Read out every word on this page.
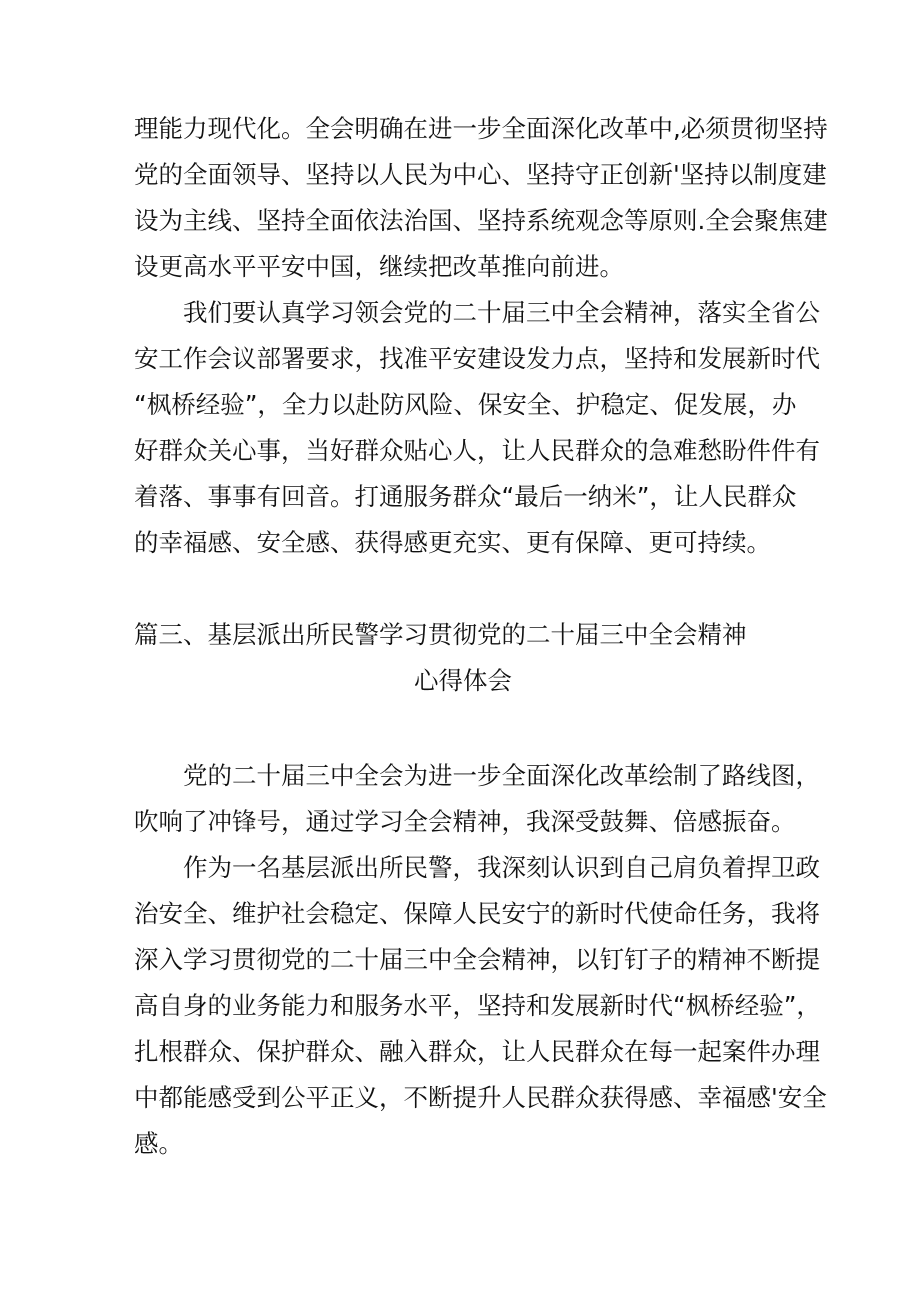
理能力现代化。全会明确在进一步全面深化改革中,必须贯彻坚持
党的全面领导、坚持以人民为中心、坚持守正创新'坚持以制度建
设为主线、坚持全面依法治国、坚持系统观念等原则.全会聚焦建
设更高水平平安中国，继续把改革推向前进。
我们要认真学习领会党的二十届三中全会精神，落实全省公
安工作会议部署要求，找准平安建设发力点，坚持和发展新时代
“枫桥经验”，全力以赴防风险、保安全、护稳定、促发展，办
好群众关心事，当好群众贴心人，让人民群众的急难愁盼件件有
着落、事事有回音。打通服务群众“最后一纳米”，让人民群众
的幸福感、安全感、获得感更充实、更有保障、更可持续。
篇三、基层派出所民警学习贯彻党的二十届三中全会精神
心得体会
党的二十届三中全会为进一步全面深化改革绘制了路线图，
吹响了冲锋号，通过学习全会精神，我深受鼓舞、倍感振奋。
作为一名基层派出所民警，我深刻认识到自己肩负着捍卫政
治安全、维护社会稳定、保障人民安宁的新时代使命任务，我将
深入学习贯彻党的二十届三中全会精神，以钉钉子的精神不断提
高自身的业务能力和服务水平，坚持和发展新时代“枫桥经验”，
扎根群众、保护群众、融入群众，让人民群众在每一起案件办理
中都能感受到公平正义，不断提升人民群众获得感、幸福感'安全
感。
